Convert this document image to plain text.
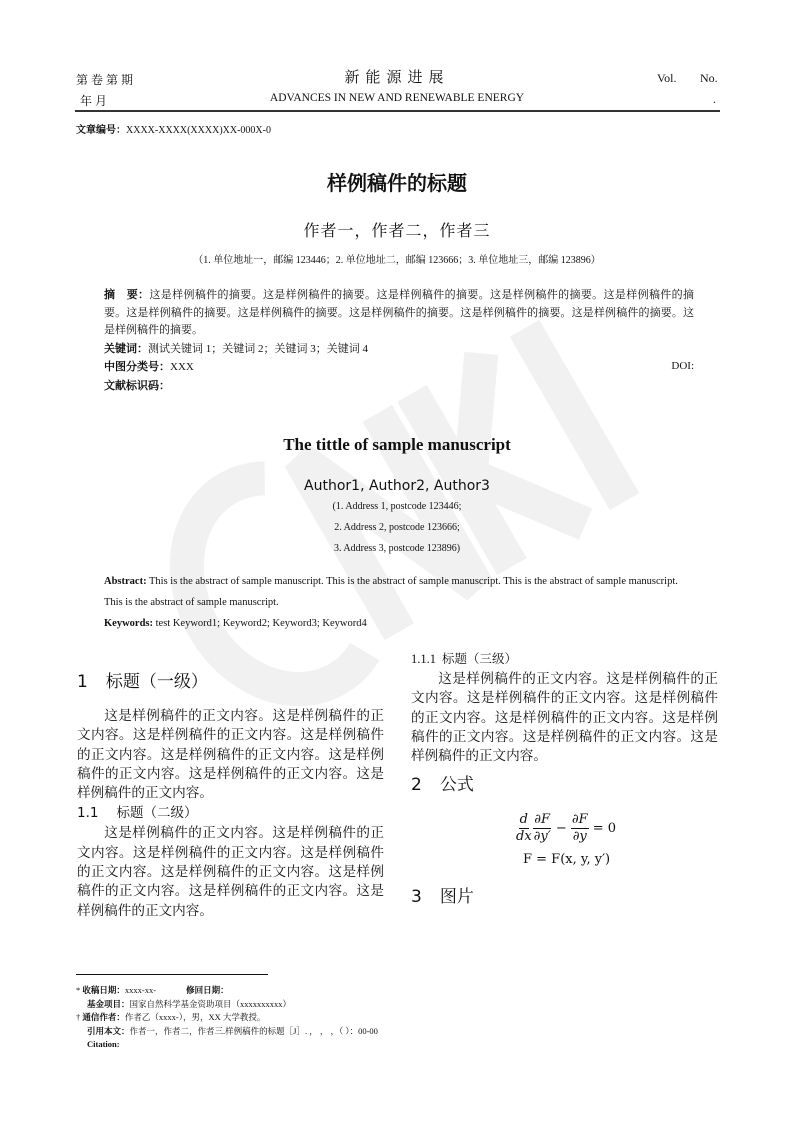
第 卷 第 期
年 月
新能源进展
ADVANCES IN NEW AND RENEWABLE ENERGY
Vol. No.
.
文章编号：XXXX-XXXX(XXXX)XX-000X-0
样例稿件的标题
作者一，作者二，作者三
（1. 单位地址一，邮编 123446；2. 单位地址二，邮编 123666；3. 单位地址三，邮编 123896）
摘　要：这是样例稿件的摘要。这是样例稿件的摘要。这是样例稿件的摘要。这是样例稿件的摘要。这是样例稿件的摘要。这是样例稿件的摘要。这是样例稿件的摘要。这是样例稿件的摘要。这是样例稿件的摘要。这是样例稿件的摘要。这是样例稿件的摘要。
关键词：测试关键词 1；关键词 2；关键词 3；关键词 4
中图分类号：XXX	DOI:
文献标识码：
The tittle of sample manuscript
Author1, Author2, Author3
(1. Address 1, postcode 123446;
2. Address 2, postcode 123666;
3. Address 3, postcode 123896)
Abstract: This is the abstract of sample manuscript. This is the abstract of sample manuscript. This is the abstract of sample manuscript. This is the abstract of sample manuscript.
Keywords: test Keyword1; Keyword2; Keyword3; Keyword4
1 标题（一级）
这是样例稿件的正文内容。这是样例稿件的正文内容。这是样例稿件的正文内容。这是样例稿件的正文内容。这是样例稿件的正文内容。这是样例稿件的正文内容。这是样例稿件的正文内容。这是样例稿件的正文内容。
1.1 标题（二级）
这是样例稿件的正文内容。这是样例稿件的正文内容。这是样例稿件的正文内容。这是样例稿件的正文内容。这是样例稿件的正文内容。这是样例稿件的正文内容。这是样例稿件的正文内容。这是样例稿件的正文内容。
1.1.1 标题（三级）
这是样例稿件的正文内容。这是样例稿件的正文内容。这是样例稿件的正文内容。这是样例稿件的正文内容。这是样例稿件的正文内容。这是样例稿件的正文内容。这是样例稿件的正文内容。这是样例稿件的正文内容。
2 公式
$\frac{d}{dx} \frac{\partial F}{\partial y'} - \frac{\partial F}{\partial y} = 0$
F = F(x, y, y′)
3 图片
* 收稿日期：xxxx-xx-	修回日期：
基金项目：国家自然科学基金资助项目（xxxxxxxxxx）
† 通信作者：作者乙（xxxx-），男，XX 大学教授。
引用本文：作者一，作者二，作者三.样例稿件的标题［J］. ， ， ，（ ）：00-00
Citation:
